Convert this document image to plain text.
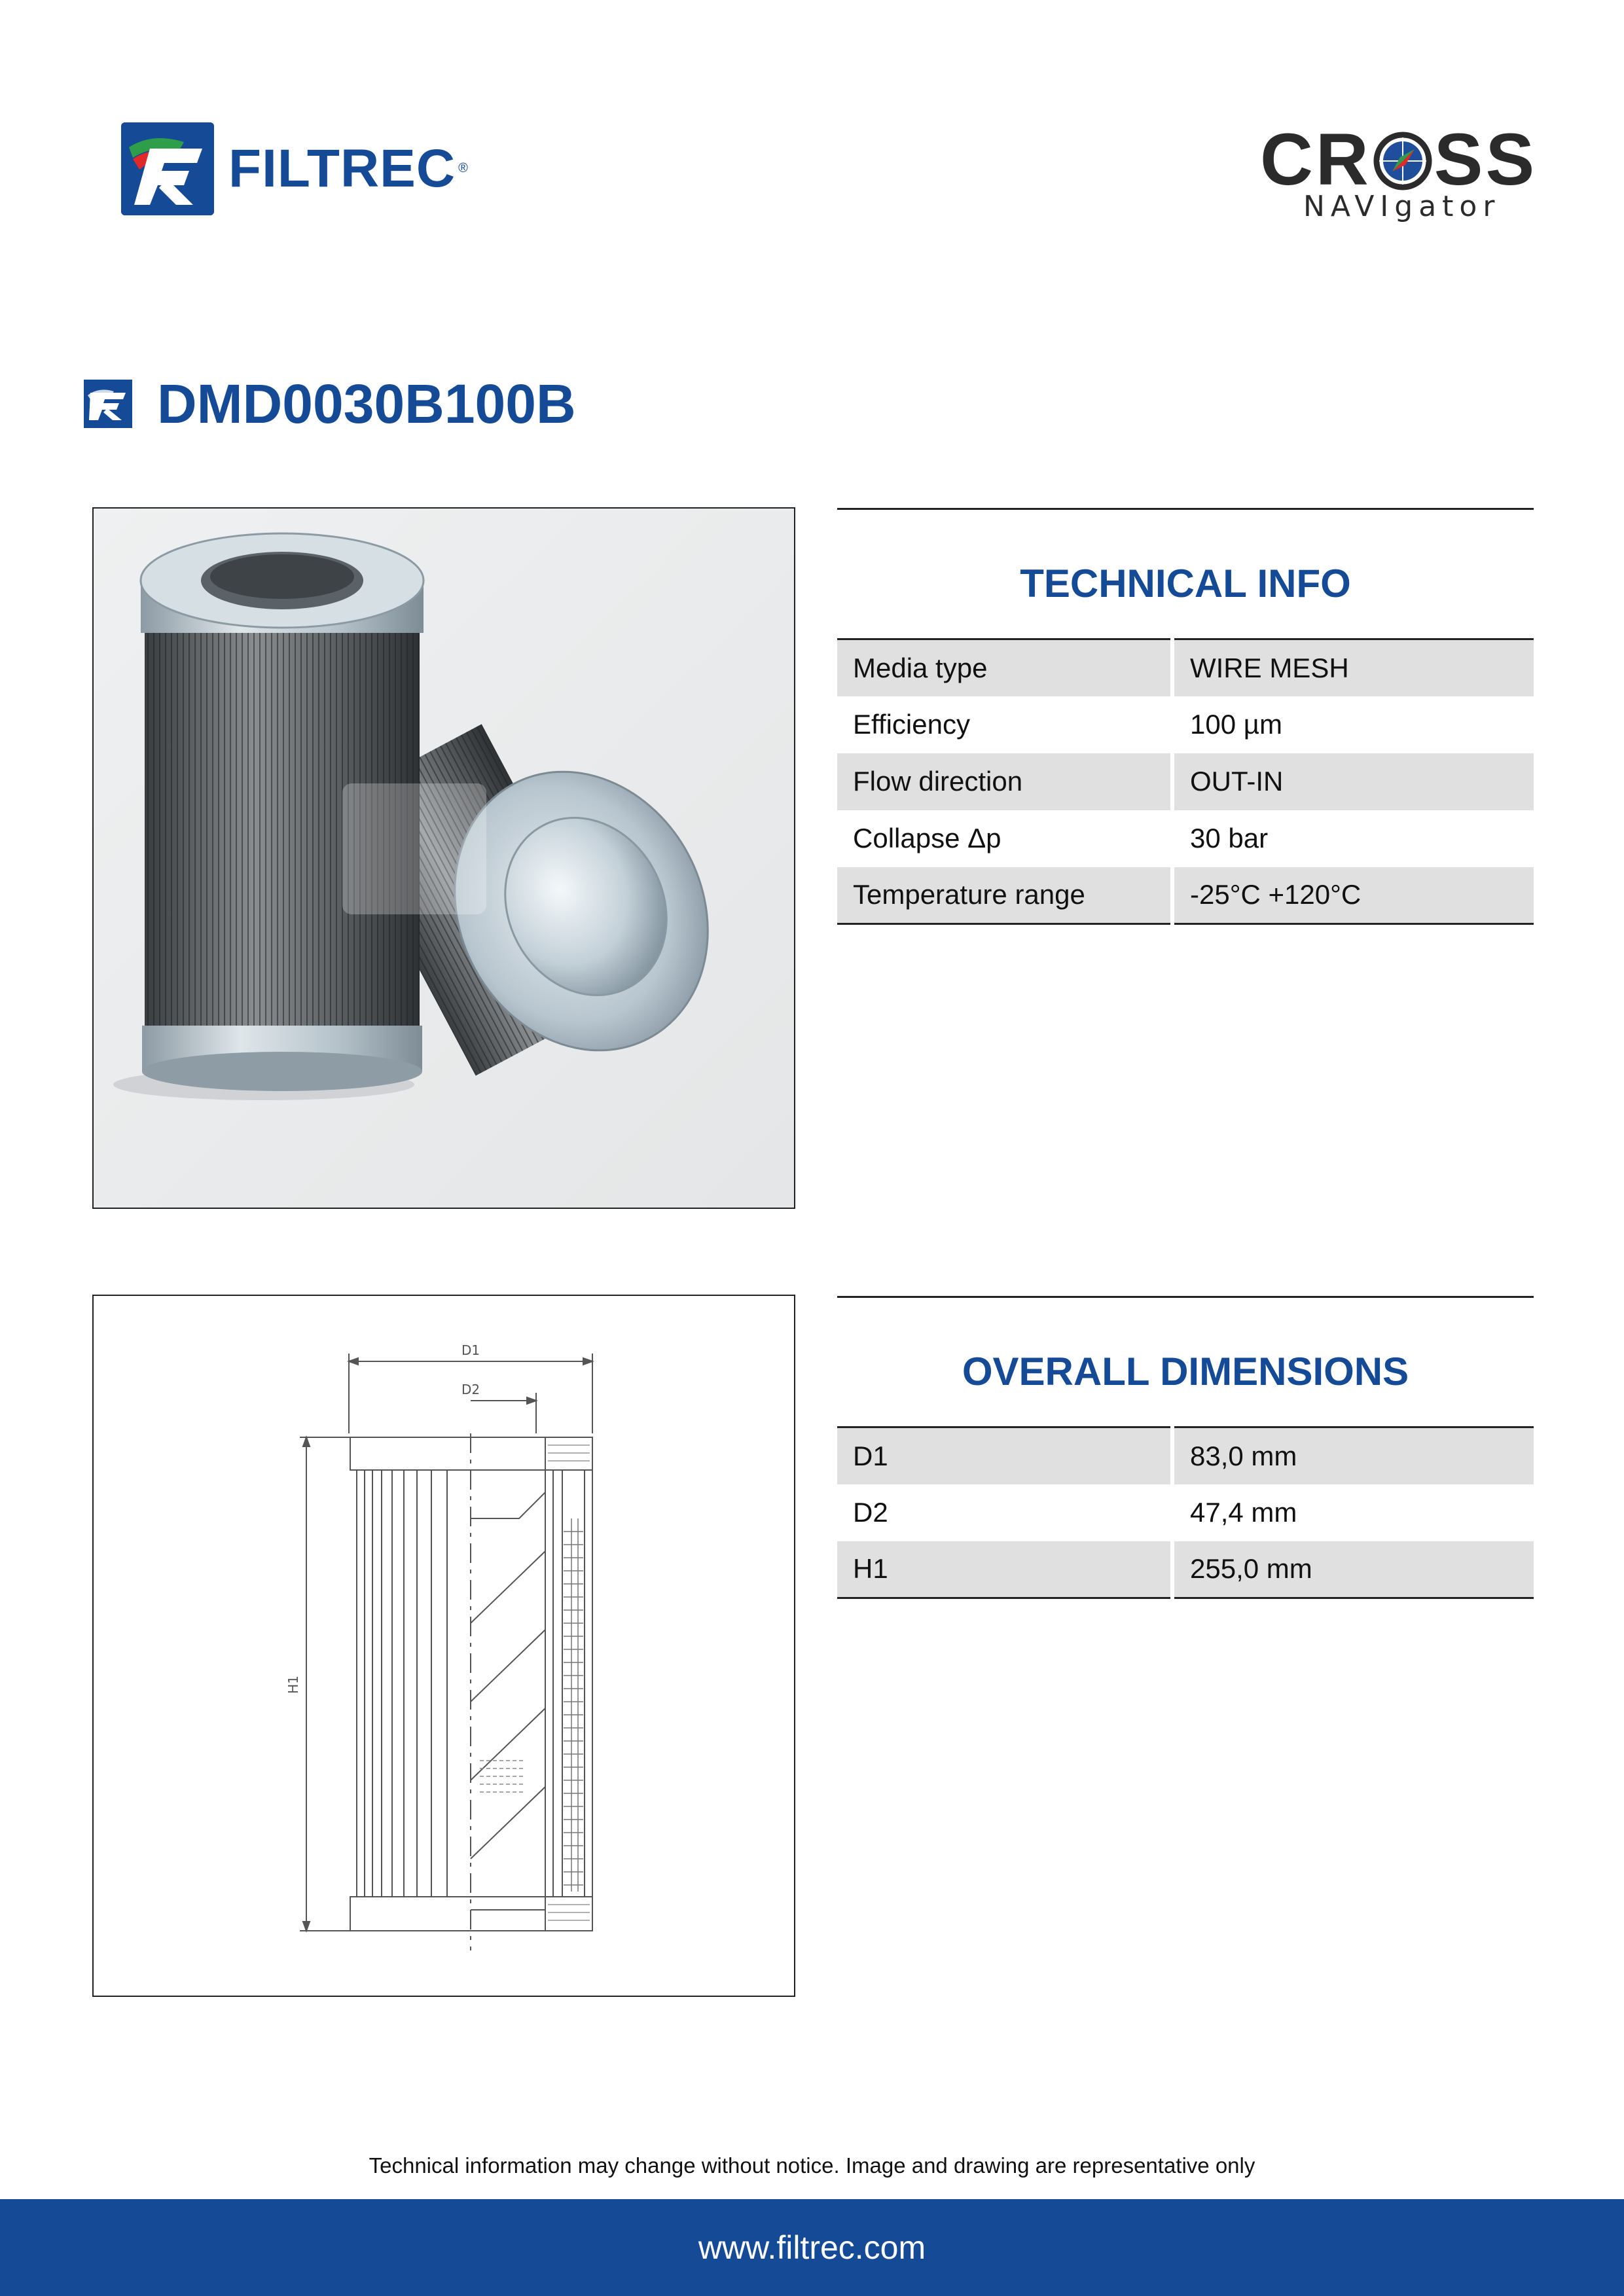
FILTREC ®	CR SS
NAVIgator
DMD0030B100B
TECHNICAL INFO
Media type	WIRE MESH
Efficiency	100 µm
Flow direction	OUT-IN
Collapse Δp	30 bar
Temperature range	-25°C +120°C
D1
D2
H1
OVERALL DIMENSIONS
D1	83,0 mm
D2	47,4 mm
H1	255,0 mm
Technical information may change without notice. Image and drawing are representative only
www.filtrec.com
